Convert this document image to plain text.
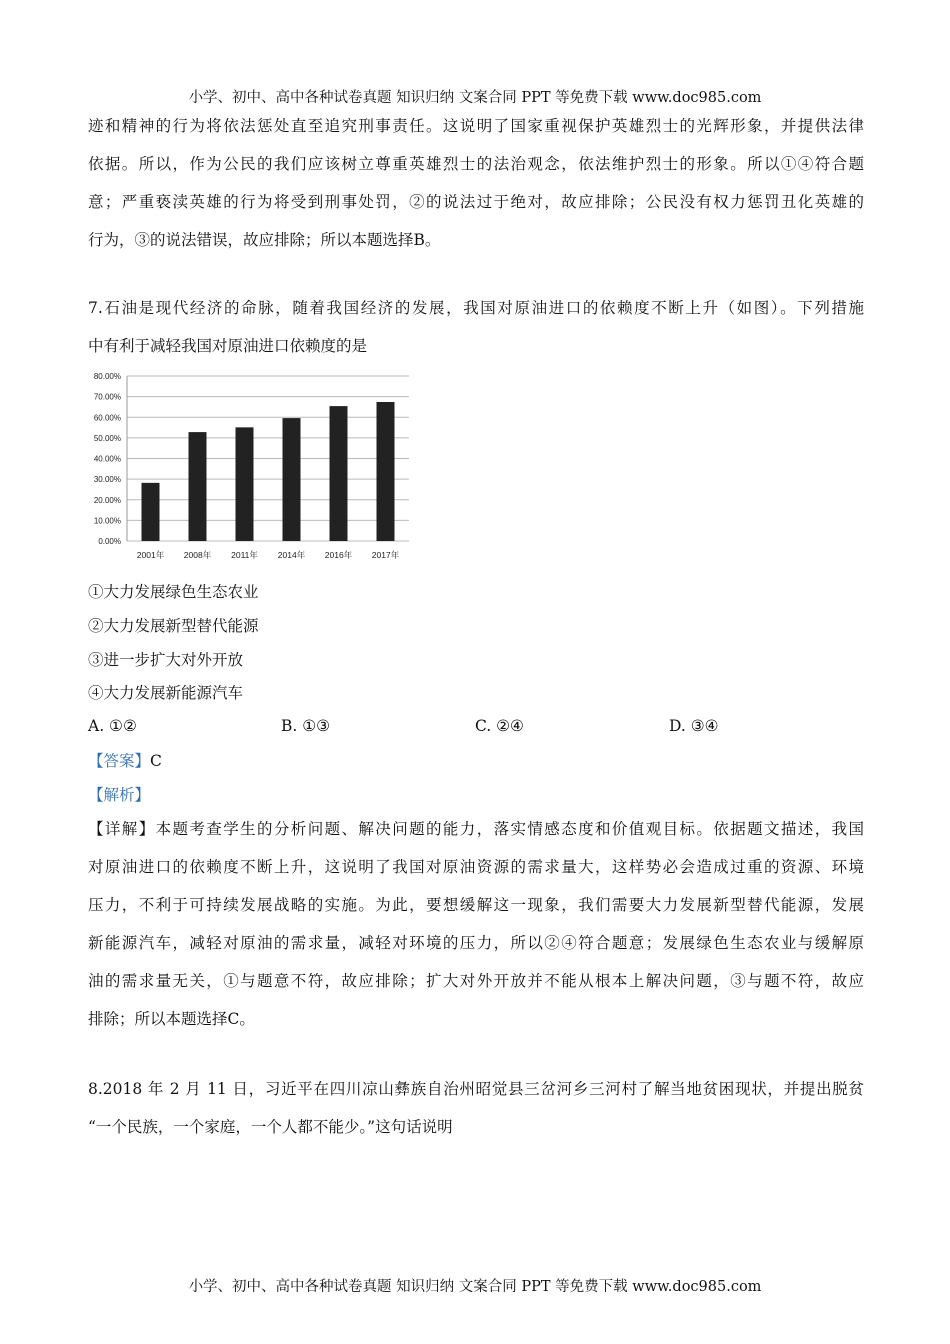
小学、初中、高中各种试卷真题 知识归纳 文案合同 PPT 等免费下载 www.doc985.com
迹和精神的行为将依法惩处直至追究刑事责任。这说明了国家重视保护英雄烈士的光辉形象，并提供法律
依据。所以，作为公民的我们应该树立尊重英雄烈士的法治观念，依法维护烈士的形象。所以①④符合题
意；严重亵渎英雄的行为将受到刑事处罚，②的说法过于绝对，故应排除；公民没有权力惩罚丑化英雄的
行为，③的说法错误，故应排除；所以本题选择B。
7.石油是现代经济的命脉，随着我国经济的发展，我国对原油进口的依赖度不断上升（如图）。下列措施
中有利于减轻我国对原油进口依赖度的是
0.00%
10.00%
20.00%
30.00%
40.00%
50.00%
60.00%
70.00%
80.00%
2001年 2008年 2011年 2014年 2016年 2017年
①大力发展绿色生态农业
②大力发展新型替代能源
③进一步扩大对外开放
④大力发展新能源汽车
A. ①②	B. ①③	C. ②④	D. ③④
【答案】C
【解析】
【详解】本题考查学生的分析问题、解决问题的能力，落实情感态度和价值观目标。依据题文描述，我国
对原油进口的依赖度不断上升，这说明了我国对原油资源的需求量大，这样势必会造成过重的资源、环境
压力，不利于可持续发展战略的实施。为此，要想缓解这一现象，我们需要大力发展新型替代能源，发展
新能源汽车，减轻对原油的需求量，减轻对环境的压力，所以②④符合题意；发展绿色生态农业与缓解原
油的需求量无关，①与题意不符，故应排除；扩大对外开放并不能从根本上解决问题，③与题不符，故应
排除；所以本题选择C。
8.2018 年 2 月 11 日，习近平在四川凉山彝族自治州昭觉县三岔河乡三河村了解当地贫困现状，并提出脱贫
“一个民族，一个家庭，一个人都不能少。”这句话说明
小学、初中、高中各种试卷真题 知识归纳 文案合同 PPT 等免费下载 www.doc985.com
